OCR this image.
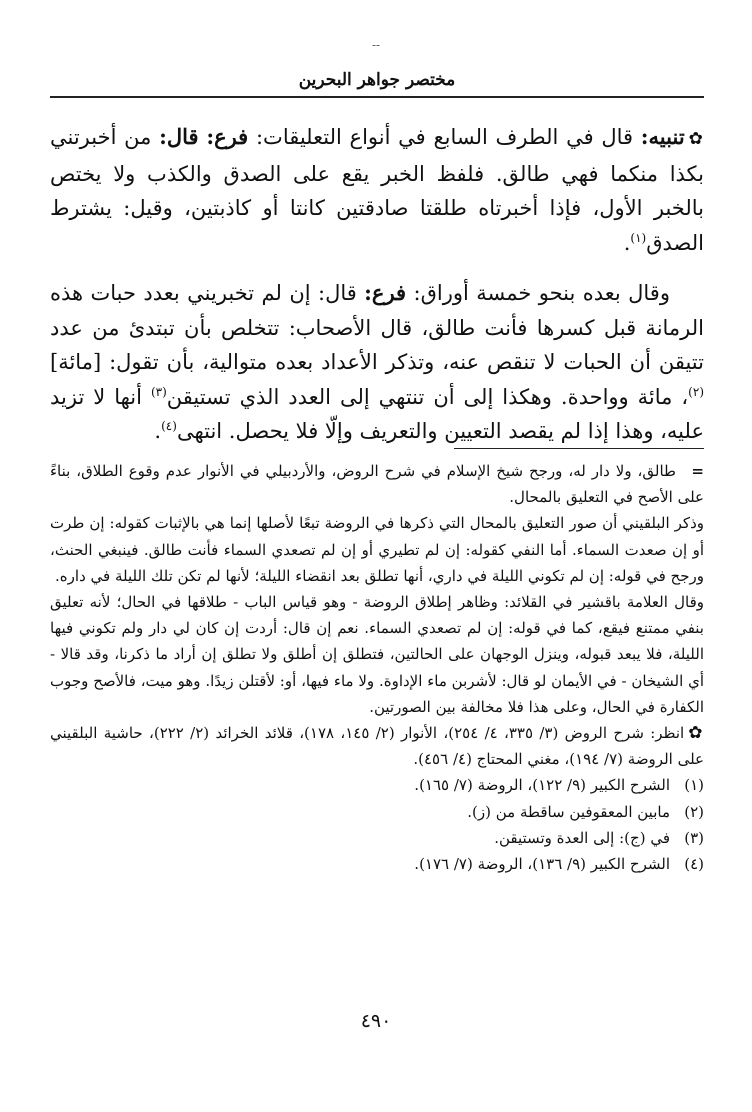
--
مختصر جواهر البحرين

✿تنبيه: قال في الطرف السابع في أنواع التعليقات: فرع: قال: من أخبرتني بكذا منكما فهي طالق. فلفظ الخبر يقع على الصدق والكذب ولا يختص بالخبر الأول، فإذا أخبرتاه طلقتا صادقتين كانتا أو كاذبتين، وقيل: يشترط الصدق$^{(١)}$.

وقال بعده بنحو خمسة أوراق: فرع: قال: إن لم تخبريني بعدد حبات هذه الرمانة قبل كسرها فأنت طالق، قال الأصحاب: تتخلص بأن تبتدئ من عدد تتيقن أن الحبات لا تنقص عنه، وتذكر الأعداد بعده متوالية، بأن تقول: [مائة]$^{(٢)}$، مائة وواحدة. وهكذا إلى أن تنتهي إلى العدد الذي تستيقن$^{(٣)}$ أنها لا تزيد عليه، وهذا إذا لم يقصد التعيين والتعريف وإلّا فلا يحصل. انتهى$^{(٤)}$.

=طالق، ولا دار له، ورجح شيخ الإسلام في شرح الروض، والأردبيلي في الأنوار عدم وقوع الطلاق، بناءً على الأصح في التعليق بالمحال.

وذكر البلقيني أن صور التعليق بالمحال التي ذكرها في الروضة تبعًا لأصلها إنما هي بالإثبات كقوله: إن طرت أو إن صعدت السماء. أما النفي كقوله: إن لم تطيري أو إن لم تصعدي السماء فأنت طالق. فينبغي الحنث، ورجح في قوله: إن لم تكوني الليلة في داري، أنها تطلق بعد انقضاء الليلة؛ لأنها لم تكن تلك الليلة في داره.

وقال العلامة باقشير في القلائد: وظاهر إطلاق الروضة - وهو قياس الباب - طلاقها في الحال؛ لأنه تعليق بنفي ممتنع فيقع، كما في قوله: إن لم تصعدي السماء. نعم إن قال: أردت إن كان لي دار ولم تكوني فيها الليلة، فلا يبعد قبوله، وينزل الوجهان على الحالتين، فتطلق إن أطلق ولا تطلق إن أراد ما ذكرنا، وقد قالا - أي الشيخان - في الأيمان لو قال: لأشربن ماء الإداوة. ولا ماء فيها، أو: لأقتلن زيدًا. وهو ميت، فالأصح وجوب الكفارة في الحال، وعلى هذا فلا مخالفة بين الصورتين.

✿انظر: شرح الروض (٣/ ٣٣٥، ٤/ ٢٥٤)، الأنوار (٢/ ١٤٥، ١٧٨)، قلائد الخرائد (٢/ ٢٢٢)، حاشية البلقيني على الروضة (٧/ ١٩٤)، مغني المحتاج (٤/ ٤٥٦).

(١)
الشرح الكبير (٩/ ١٢٢)، الروضة (٧/ ١٦٥).

(٢)
مابين المعقوفين ساقطة من (ز).

(٣)
في (ج): إلى العدة وتستيقن.

(٤)
الشرح الكبير (٩/ ١٣٦)، الروضة (٧/ ١٧٦).

٤٩٠
